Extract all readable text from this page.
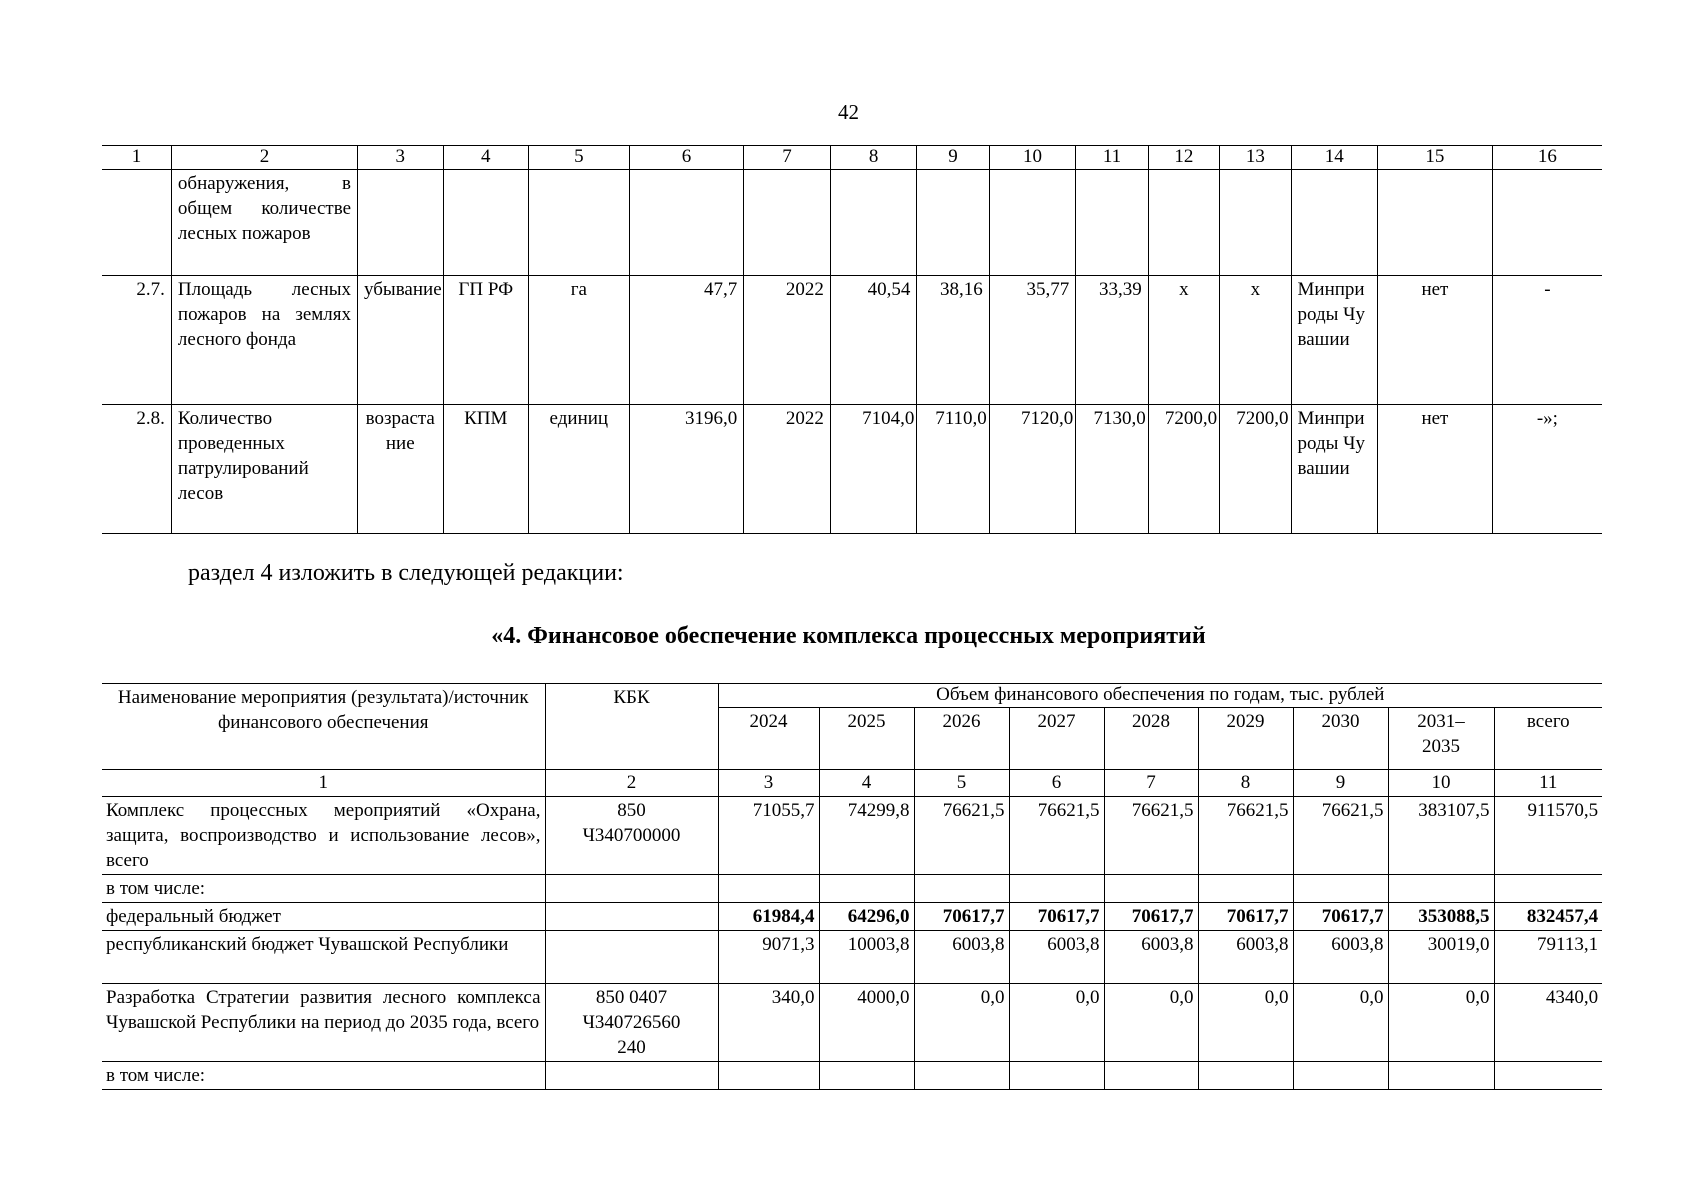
42
1	2	3	4	5	6	7	8	9	10	11	12	13	14	15	16
	обнаружения, в общем количестве лесных пожаров														
2.7.	Площадь лесных пожаров на землях лесного фонда	убывание	ГП РФ	га	47,7	2022	40,54	38,16	35,77	33,39	х	х	Минприроды Чувашии	нет	-
2.8.	Количество проведенных патрулирований лесов	возрастание	КПМ	единиц	3196,0	2022	7104,0	7110,0	7120,0	7130,0	7200,0	7200,0	Минприроды Чувашии	нет	-»;
раздел 4 изложить в следующей редакции:
«4. Финансовое обеспечение комплекса процессных мероприятий
Наименование мероприятия (результата)/источник финансового обеспечения	КБК	Объем финансового обеспечения по годам, тыс. рублей								
		2024	2025	2026	2027	2028	2029	2030	2031–2035	всего
1	2	3	4	5	6	7	8	9	10	11
Комплекс процессных мероприятий «Охрана, защита, воспроизводство и использование лесов», всего	850 Ч340700000	71055,7	74299,8	76621,5	76621,5	76621,5	76621,5	76621,5	383107,5	911570,5
в том числе:										
федеральный бюджет		61984,4	64296,0	70617,7	70617,7	70617,7	70617,7	70617,7	353088,5	832457,4
республиканский бюджет Чувашской Республики		9071,3	10003,8	6003,8	6003,8	6003,8	6003,8	6003,8	30019,0	79113,1
Разработка Стратегии развития лесного комплекса Чувашской Республики на период до 2035 года, всего	850 0407 Ч340726560 240	340,0	4000,0	0,0	0,0	0,0	0,0	0,0	0,0	4340,0
в том числе:										
